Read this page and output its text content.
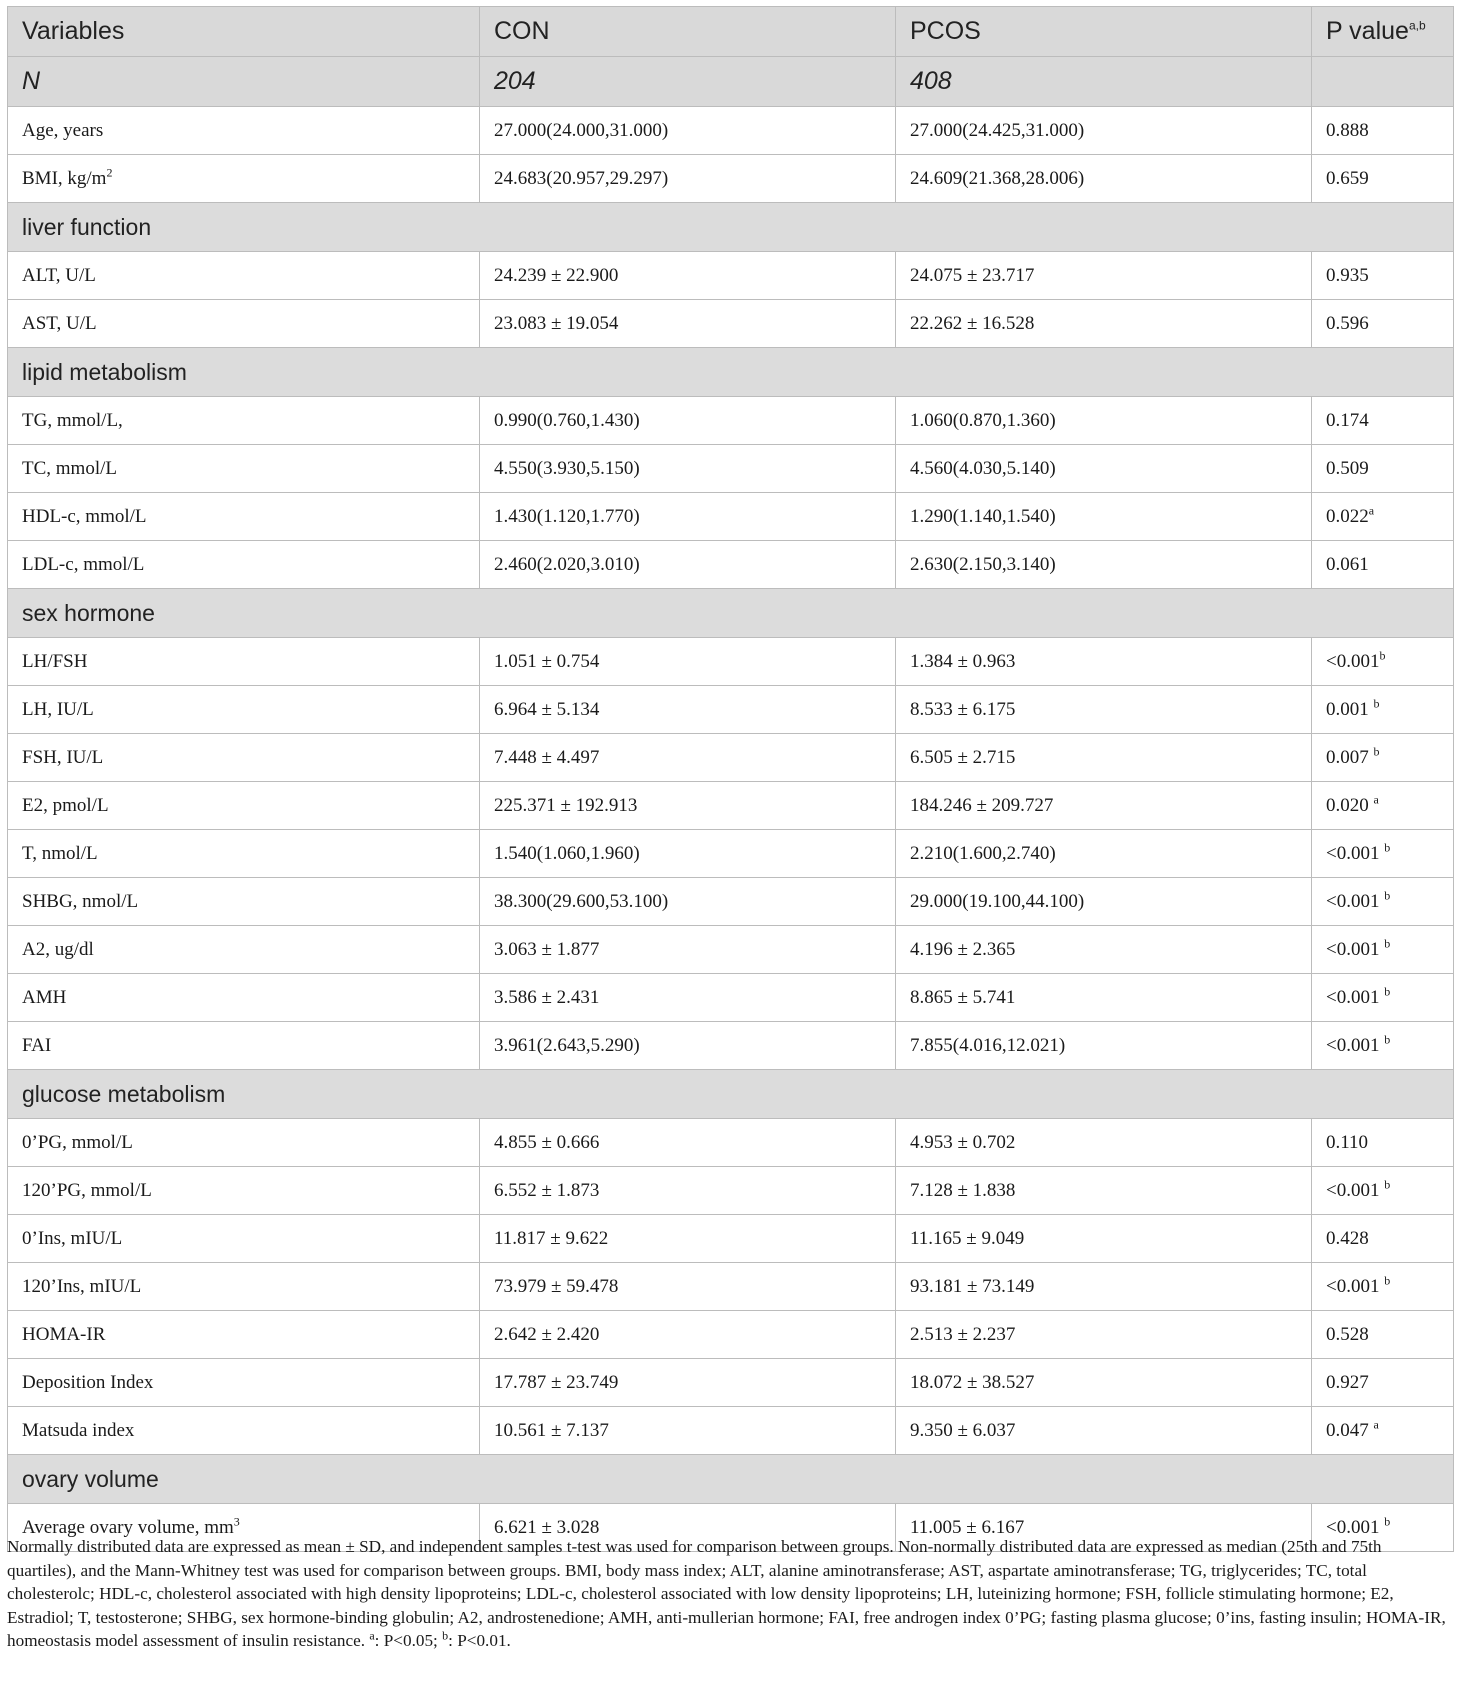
Variables	CON	PCOS	P value$^{a,b}$
N	204	408	
Age, years	27.000(24.000,31.000)	27.000(24.425,31.000)	0.888
BMI, $kg/m^2$	24.683(20.957,29.297)	24.609(21.368,28.006)	0.659
liver function			
ALT, U/L	24.239 ± 22.900	24.075 ± 23.717	0.935
AST, U/L	23.083 ± 19.054	22.262 ± 16.528	0.596
lipid metabolism			
TG, mmol/L,	0.990(0.760,1.430)	1.060(0.870,1.360)	0.174
TC, mmol/L	4.550(3.930,5.150)	4.560(4.030,5.140)	0.509
HDL-c, mmol/L	1.430(1.120,1.770)	1.290(1.140,1.540)	0.022$^a$
LDL-c, mmol/L	2.460(2.020,3.010)	2.630(2.150,3.140)	0.061
sex hormone			
LH/FSH	1.051 ± 0.754	1.384 ± 0.963	<0.001$^b$
LH, IU/L	6.964 ± 5.134	8.533 ± 6.175	0.001 $^b$
FSH, IU/L	7.448 ± 4.497	6.505 ± 2.715	0.007 $^b$
E2, pmol/L	225.371 ± 192.913	184.246 ± 209.727	0.020 $^a$
T, nmol/L	1.540(1.060,1.960)	2.210(1.600,2.740)	<0.001 $^b$
SHBG, nmol/L	38.300(29.600,53.100)	29.000(19.100,44.100)	<0.001 $^b$
A2, ug/dl	3.063 ± 1.877	4.196 ± 2.365	<0.001 $^b$
AMH	3.586 ± 2.431	8.865 ± 5.741	<0.001 $^b$
FAI	3.961(2.643,5.290)	7.855(4.016,12.021)	<0.001 $^b$
glucose metabolism			
0’PG, mmol/L	4.855 ± 0.666	4.953 ± 0.702	0.110
120’PG, mmol/L	6.552 ± 1.873	7.128 ± 1.838	<0.001 $^b$
0’Ins, mIU/L	11.817 ± 9.622	11.165 ± 9.049	0.428
120’Ins, mIU/L	73.979 ± 59.478	93.181 ± 73.149	<0.001 $^b$
HOMA-IR	2.642 ± 2.420	2.513 ± 2.237	0.528
Deposition Index	17.787 ± 23.749	18.072 ± 38.527	0.927
Matsuda index	10.561 ± 7.137	9.350 ± 6.037	0.047 $^a$
ovary volume			
Average ovary volume, $mm^3$	6.621 ± 3.028	11.005 ± 6.167	<0.001 $^b$

Normally distributed data are expressed as mean ± SD, and independent samples t-test was used for comparison between groups. Non-normally distributed data are expressed as median (25th and 75th quartiles), and the Mann-Whitney test was used for comparison between groups. BMI, body mass index; ALT, alanine aminotransferase; AST, aspartate aminotransferase; TG, triglycerides; TC, total cholesterolc; HDL-c, cholesterol associated with high density lipoproteins; LDL-c, cholesterol associated with low density lipoproteins; LH, luteinizing hormone; FSH, follicle stimulating hormone; E2, Estradiol; T, testosterone; SHBG, sex hormone-binding globulin; A2, androstenedione; AMH, anti-mullerian hormone; FAI, free androgen index 0’PG; fasting plasma glucose; 0’ins, fasting insulin; HOMA-IR, homeostasis model assessment of insulin resistance. $^a$: P<0.05; $^b$: P<0.01.
